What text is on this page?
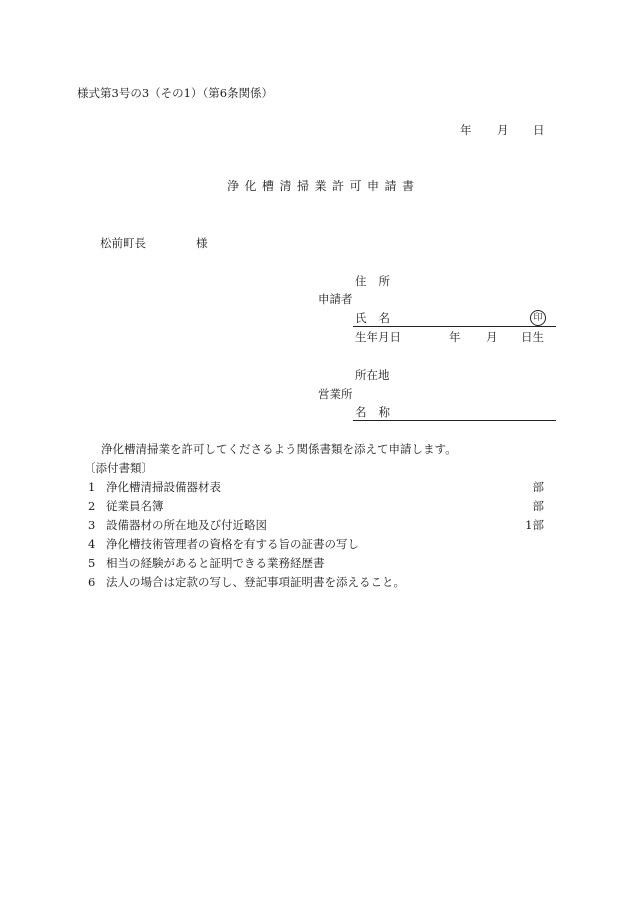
様式第3号の3（その1）（第6条関係）
年 月 日
浄化槽清掃業許可申請書
松前町長	様
住所
申請者
氏名	印
生年月日	年 月 日生
所在地
営業所
名称
浄化槽清掃業を許可してくださるよう関係書類を添えて申請します。
〔添付書類〕
1 浄化槽清掃設備器材表	部
2 従業員名簿	部
3 設備器材の所在地及び付近略図	1部
4 浄化槽技術管理者の資格を有する旨の証書の写し
5 相当の経験があると証明できる業務経歴書
6 法人の場合は定款の写し、登記事項証明書を添えること。
